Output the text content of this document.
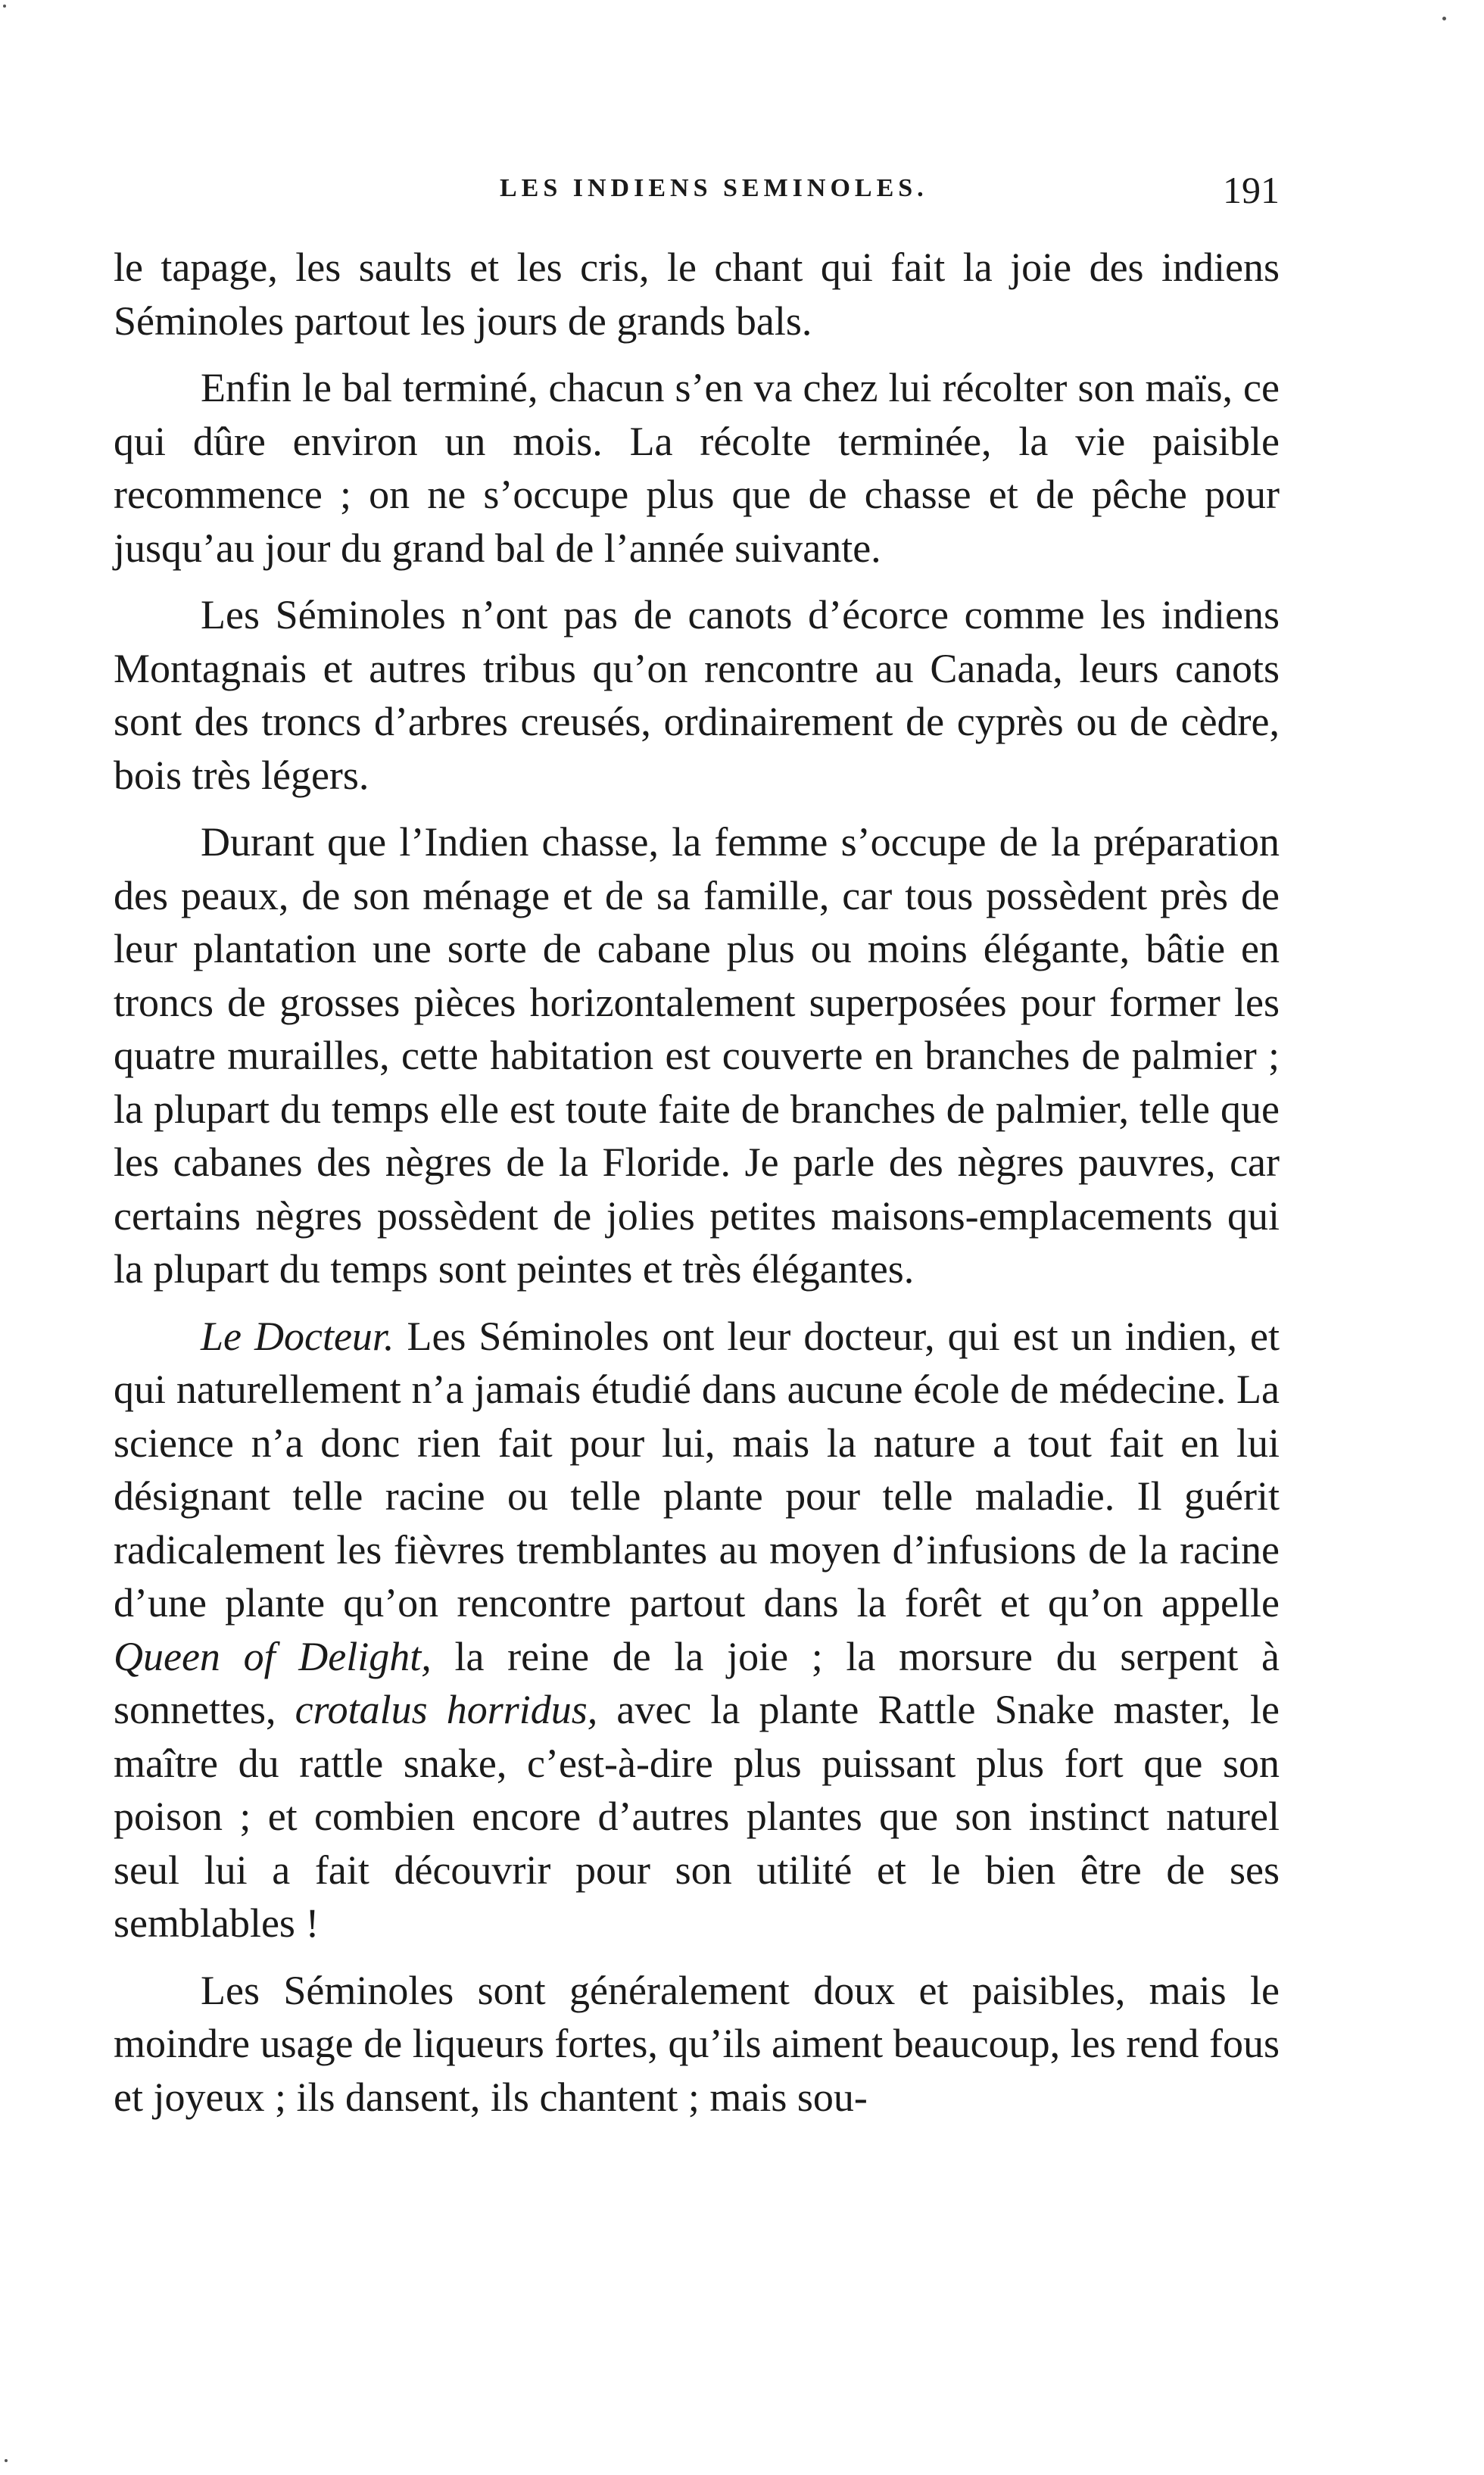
LES INDIENS SEMINOLES.	191

le tapage, les saults et les cris, le chant qui fait la joie des indiens Séminoles partout les jours de grands bals.

Enfin le bal terminé, chacun s’en va chez lui récolter son maïs, ce qui dûre environ un mois. La récolte terminée, la vie paisible recommence ; on ne s’occupe plus que de chasse et de pêche pour jusqu’au jour du grand bal de l’année suivante.

Les Séminoles n’ont pas de canots d’écorce comme les indiens Montagnais et autres tribus qu’on rencontre au Canada, leurs canots sont des troncs d’arbres creusés, ordinairement de cyprès ou de cèdre, bois très légers.

Durant que l’Indien chasse, la femme s’occupe de la préparation des peaux, de son ménage et de sa famille, car tous possèdent près de leur plantation une sorte de cabane plus ou moins élégante, bâtie en troncs de grosses pièces horizontalement superposées pour former les quatre murailles, cette habitation est couverte en branches de palmier ; la plupart du temps elle est toute faite de branches de palmier, telle que les cabanes des nègres de la Floride. Je parle des nègres pauvres, car certains nègres possèdent de jolies petites maisons-emplacements qui la plupart du temps sont peintes et très élégantes.

Le Docteur. Les Séminoles ont leur docteur, qui est un indien, et qui naturellement n’a jamais étudié dans aucune école de médecine. La science n’a donc rien fait pour lui, mais la nature a tout fait en lui désignant telle racine ou telle plante pour telle maladie. Il guérit radicalement les fièvres tremblantes au moyen d’infusions de la racine d’une plante qu’on rencontre partout dans la forêt et qu’on appelle Queen of Delight, la reine de la joie ; la morsure du serpent à sonnettes, crotalus horridus, avec la plante Rattle Snake master, le maître du rattle snake, c’est-à-dire plus puissant plus fort que son poison ; et combien encore d’autres plantes que son instinct naturel seul lui a fait découvrir pour son utilité et le bien être de ses semblables !

Les Séminoles sont généralement doux et paisibles, mais le moindre usage de liqueurs fortes, qu’ils aiment beaucoup, les rend fous et joyeux ; ils dansent, ils chantent ; mais sou-
